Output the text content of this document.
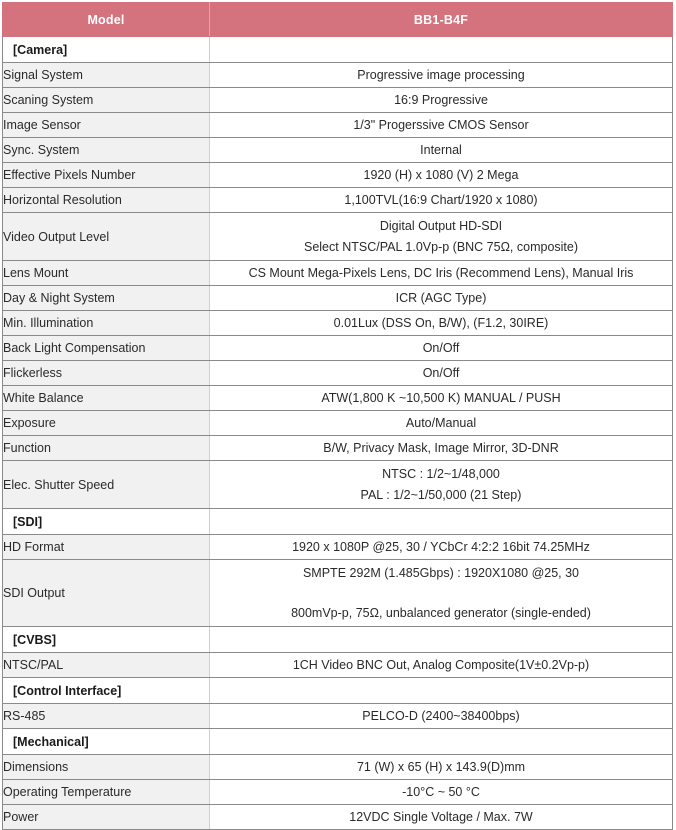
Model	BB1-B4F
[Camera]	
Signal System	Progressive image processing
Scaning System	16:9 Progressive
Image Sensor	1/3" Progerssive CMOS Sensor
Sync. System	Internal
Effective Pixels Number	1920 (H) x 1080 (V) 2 Mega
Horizontal Resolution	1,100TVL(16:9 Chart/1920 x 1080)
Video Output Level	Digital Output HD-SDI
Select NTSC/PAL 1.0Vp-p (BNC 75Ω, composite)

Lens Mount	CS Mount Mega-Pixels Lens, DC Iris (Recommend Lens), Manual Iris
Day & Night System	ICR (AGC Type)
Min. Illumination	0.01Lux (DSS On, B/W), (F1.2, 30IRE)
Back Light Compensation	On/Off
Flickerless	On/Off
White Balance	ATW(1,800 K ~10,500 K) MANUAL / PUSH
Exposure	Auto/Manual
Function	B/W, Privacy Mask, Image Mirror, 3D-DNR
Elec. Shutter Speed	NTSC : 1/2~1/48,000
PAL : 1/2~1/50,000 (21 Step)

[SDI]	
HD Format	1920 x 1080P @25, 30 / YCbCr 4:2:2 16bit 74.25MHz
SDI Output	SMPTE 292M (1.485Gbps) : 1920X1080 @25, 30
800mVp-p, 75Ω, unbalanced generator (single-ended)

[CVBS]	
NTSC/PAL	1CH Video BNC Out, Analog Composite(1V±0.2Vp-p)
[Control Interface]	
RS-485	PELCO-D (2400~38400bps)
[Mechanical]	
Dimensions	71 (W) x 65 (H) x 143.9(D)mm
Operating Temperature	-10°C ~ 50 °C
Power	12VDC Single Voltage / Max. 7W
